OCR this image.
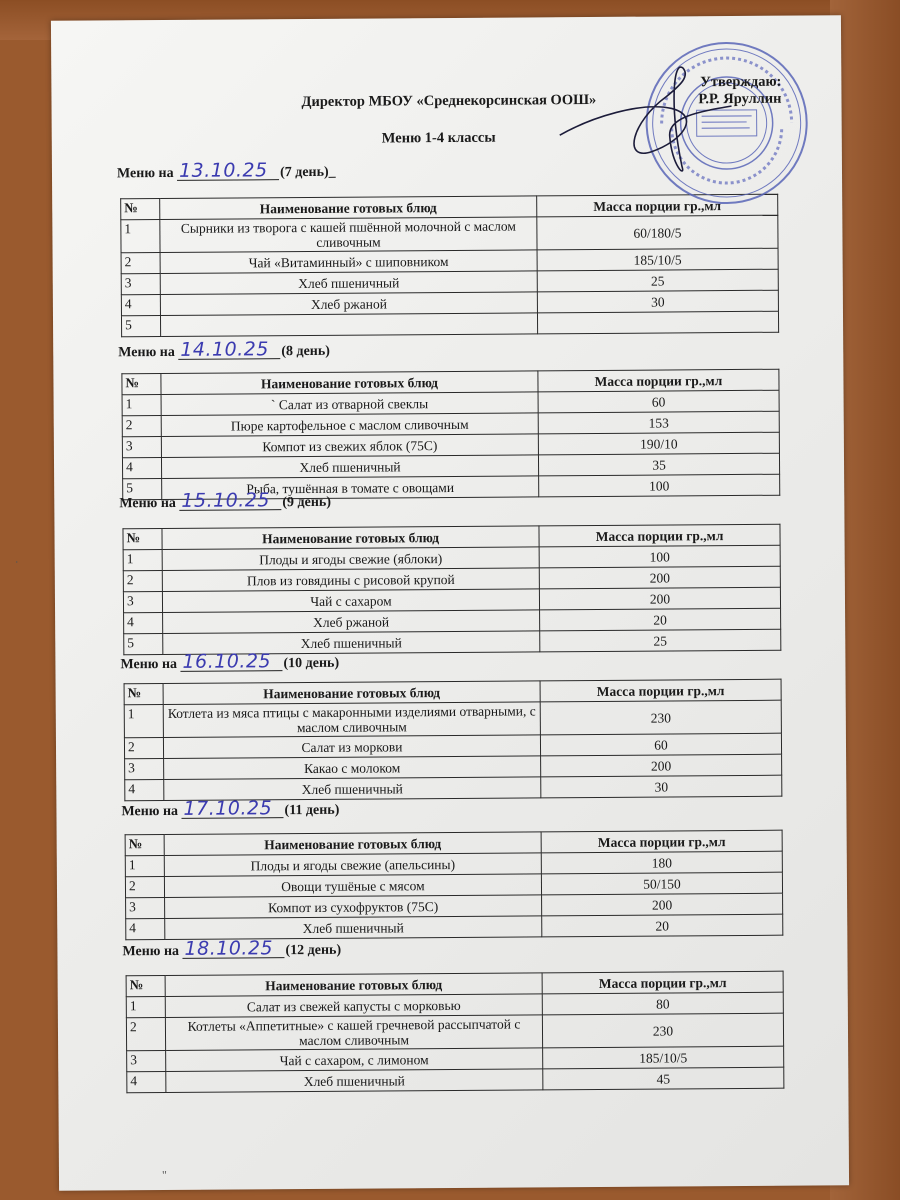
Утверждаю:
Р.Р. Яруллин
Директор МБОУ «Среднекорсинская ООШ»
Меню 1-4 классы
Меню на 13.10.25 (7 день)_
№	Наименование готовых блюд	Масса порции гр.,мл
1	Сырники из творога с кашей пшённой молочной с маслом сливочным	60/180/5
2	Чай «Витаминный» с шиповником	185/10/5
3	Хлеб пшеничный	25
4	Хлеб ржаной	30
5		
Меню на 14.10.25 (8 день)
№	Наименование готовых блюд	Масса порции гр.,мл
1	` Салат из отварной свеклы	60
2	Пюре картофельное с маслом сливочным	153
3	Компот из свежих яблок (75С)	190/10
4	Хлеб пшеничный	35
5	Рыба, тушённая в томате с овощами	100
Меню на 15.10.25 (9 день)
№	Наименование готовых блюд	Масса порции гр.,мл
1	Плоды и ягоды свежие (яблоки)	100
2	Плов из говядины с рисовой крупой	200
3	Чай с сахаром	200
4	Хлеб ржаной	20
5	Хлеб пшеничный	25
Меню на 16.10.25 (10 день)
№	Наименование готовых блюд	Масса порции гр.,мл
1	Котлета из мяса птицы с макаронными изделиями отварными, с маслом сливочным	230
2	Салат из моркови	60
3	Какао с молоком	200
4	Хлеб пшеничный	30
Меню на 17.10.25 (11 день)
№	Наименование готовых блюд	Масса порции гр.,мл
1	Плоды и ягоды свежие (апельсины)	180
2	Овощи тушёные с мясом	50/150
3	Компот из сухофруктов (75С)	200
4	Хлеб пшеничный	20
Меню на 18.10.25 (12 день)
№	Наименование готовых блюд	Масса порции гр.,мл
1	Салат из свежей капусты с морковью	80
2	Котлеты «Аппетитные» с кашей гречневой рассыпчатой с маслом сливочным	230
3	Чай с сахаром, с лимоном	185/10/5
4	Хлеб пшеничный	45
"
·
